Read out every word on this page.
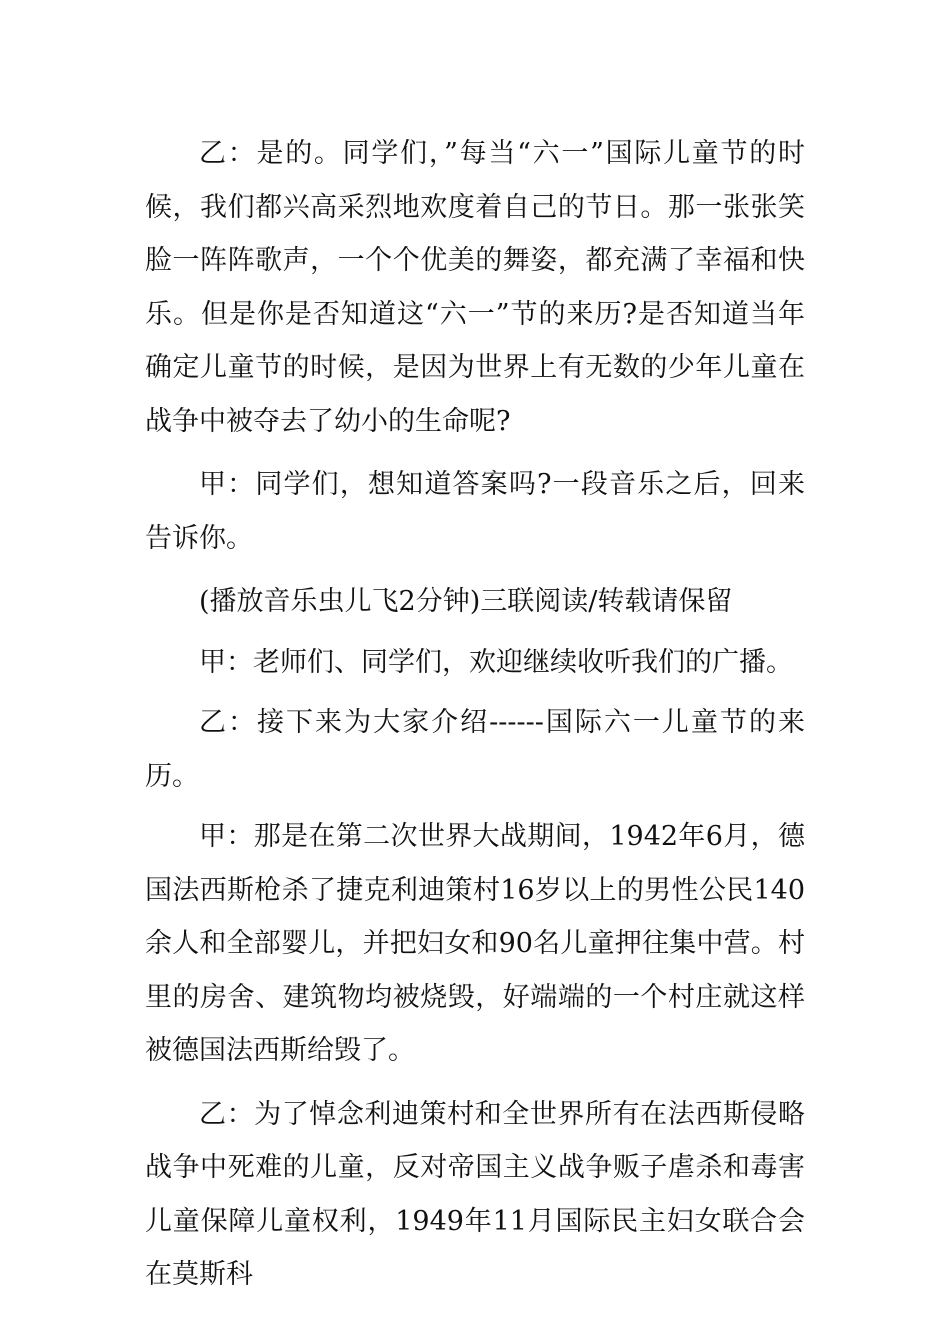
乙：是的。同学们，”每当“六一”国际儿童节的时候，我们都兴高采烈地欢度着自己的节日。那一张张笑脸一阵阵歌声，一个个优美的舞姿，都充满了幸福和快乐。但是你是否知道这“六一”节的来历?是否知道当年确定儿童节的时候，是因为世界上有无数的少年儿童在战争中被夺去了幼小的生命呢?

甲：同学们，想知道答案吗?一段音乐之后，回来告诉你。

(播放音乐虫儿飞2分钟)三联阅读/转载请保留

甲：老师们、同学们，欢迎继续收听我们的广播。

乙：接下来为大家介绍------国际六一儿童节的来历。

甲：那是在第二次世界大战期间，1942年6月，德国法西斯枪杀了捷克利迪策村16岁以上的男性公民140余人和全部婴儿，并把妇女和90名儿童押往集中营。村里的房舍、建筑物均被烧毁，好端端的一个村庄就这样被德国法西斯给毁了。

乙：为了悼念利迪策村和全世界所有在法西斯侵略战争中死难的儿童，反对帝国主义战争贩子虐杀和毒害儿童保障儿童权利，1949年11月国际民主妇女联合会在莫斯科
